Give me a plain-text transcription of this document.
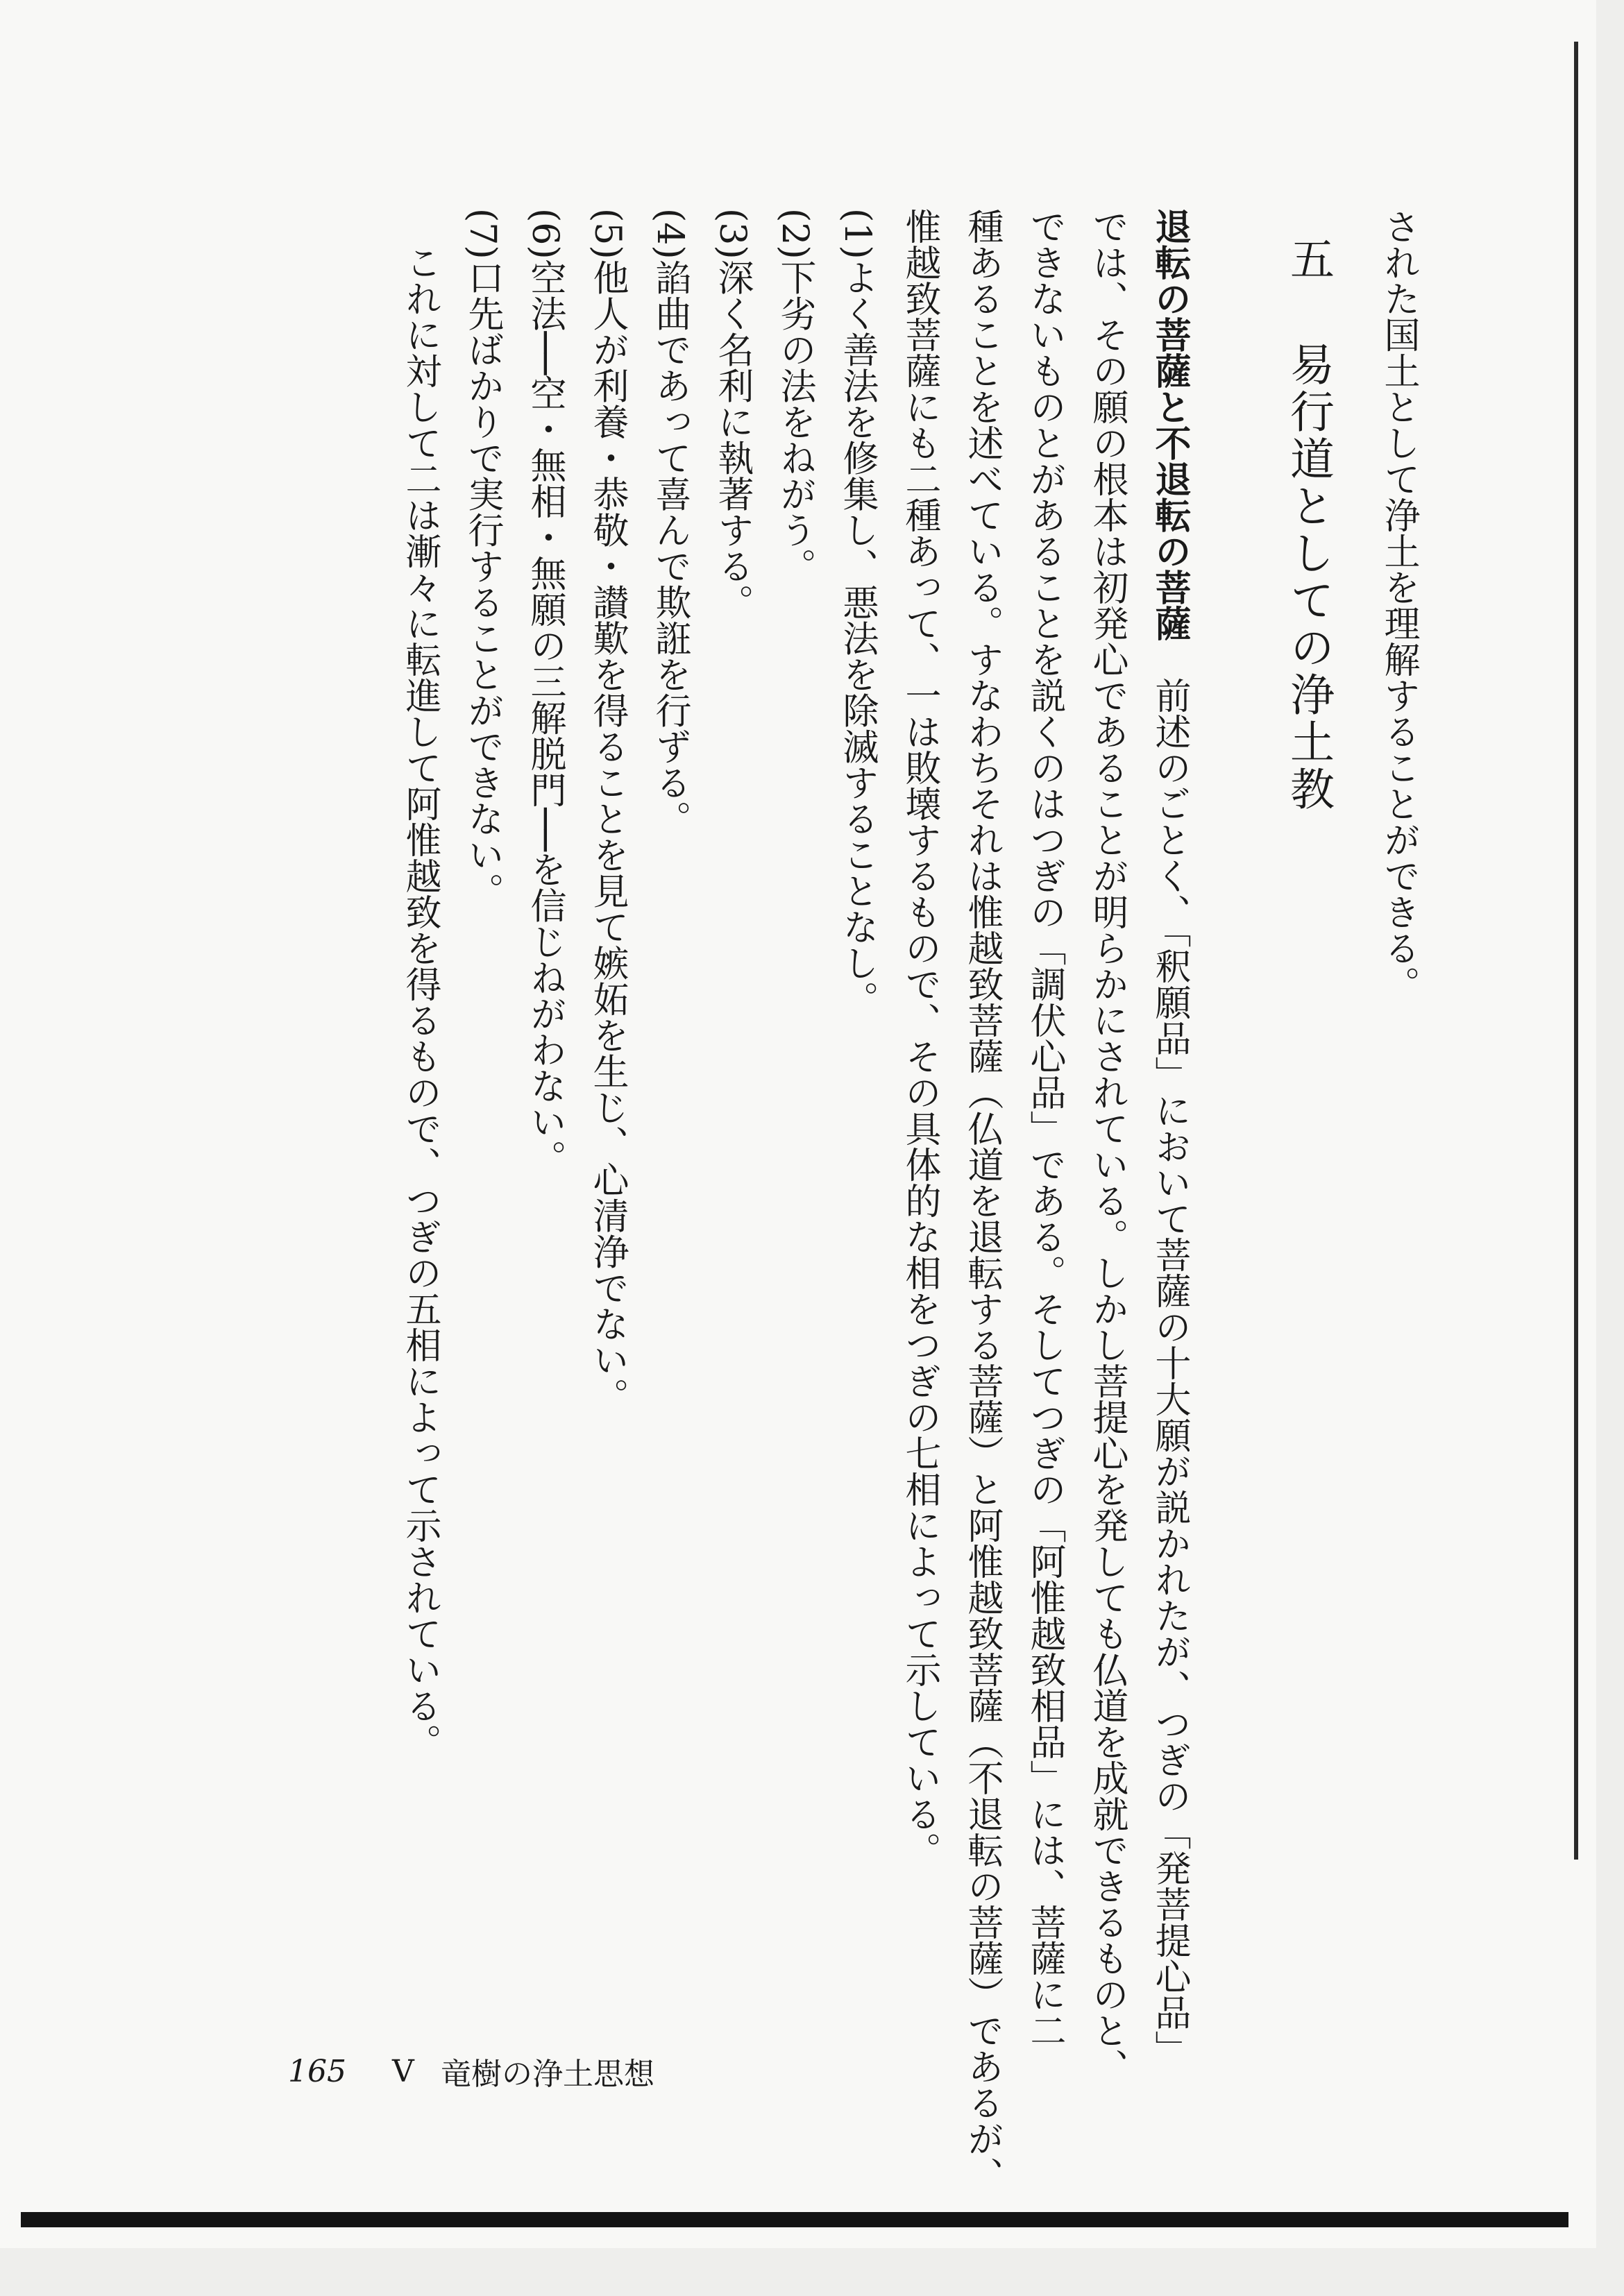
された国土として浄土を理解することができる。
五 易行道としての浄土教
退転の菩薩と不退転の菩薩　前述のごとく、「釈願品」において菩薩の十大願が説かれたが、つぎの「発菩提心品」
では、その願の根本は初発心であることが明らかにされている。しかし菩提心を発しても仏道を成就できるものと、
できないものとがあることを説くのはつぎの「調伏心品」である。そしてつぎの「阿惟越致相品」には、菩薩に二
種あることを述べている。すなわちそれは惟越致菩薩（仏道を退転する菩薩）と阿惟越致菩薩（不退転の菩薩）であるが、
惟越致菩薩にも二種あって、一は敗壊するもので、その具体的な相をつぎの七相によって示している。
(1)よく善法を修集し、悪法を除滅することなし。
(2)下劣の法をねがう。
(3)深く名利に執著する。
(4)諂曲であって喜んで欺誑を行ずる。
(5)他人が利養・恭敬・讃歎を得ることを見て嫉妬を生じ、心清浄でない。
(6)空法──空・無相・無願の三解脱門──を信じねがわない。
(7)口先ばかりで実行することができない。
これに対して二は漸々に転進して阿惟越致を得るもので、つぎの五相によって示されている。
165	V 竜樹の浄土思想
